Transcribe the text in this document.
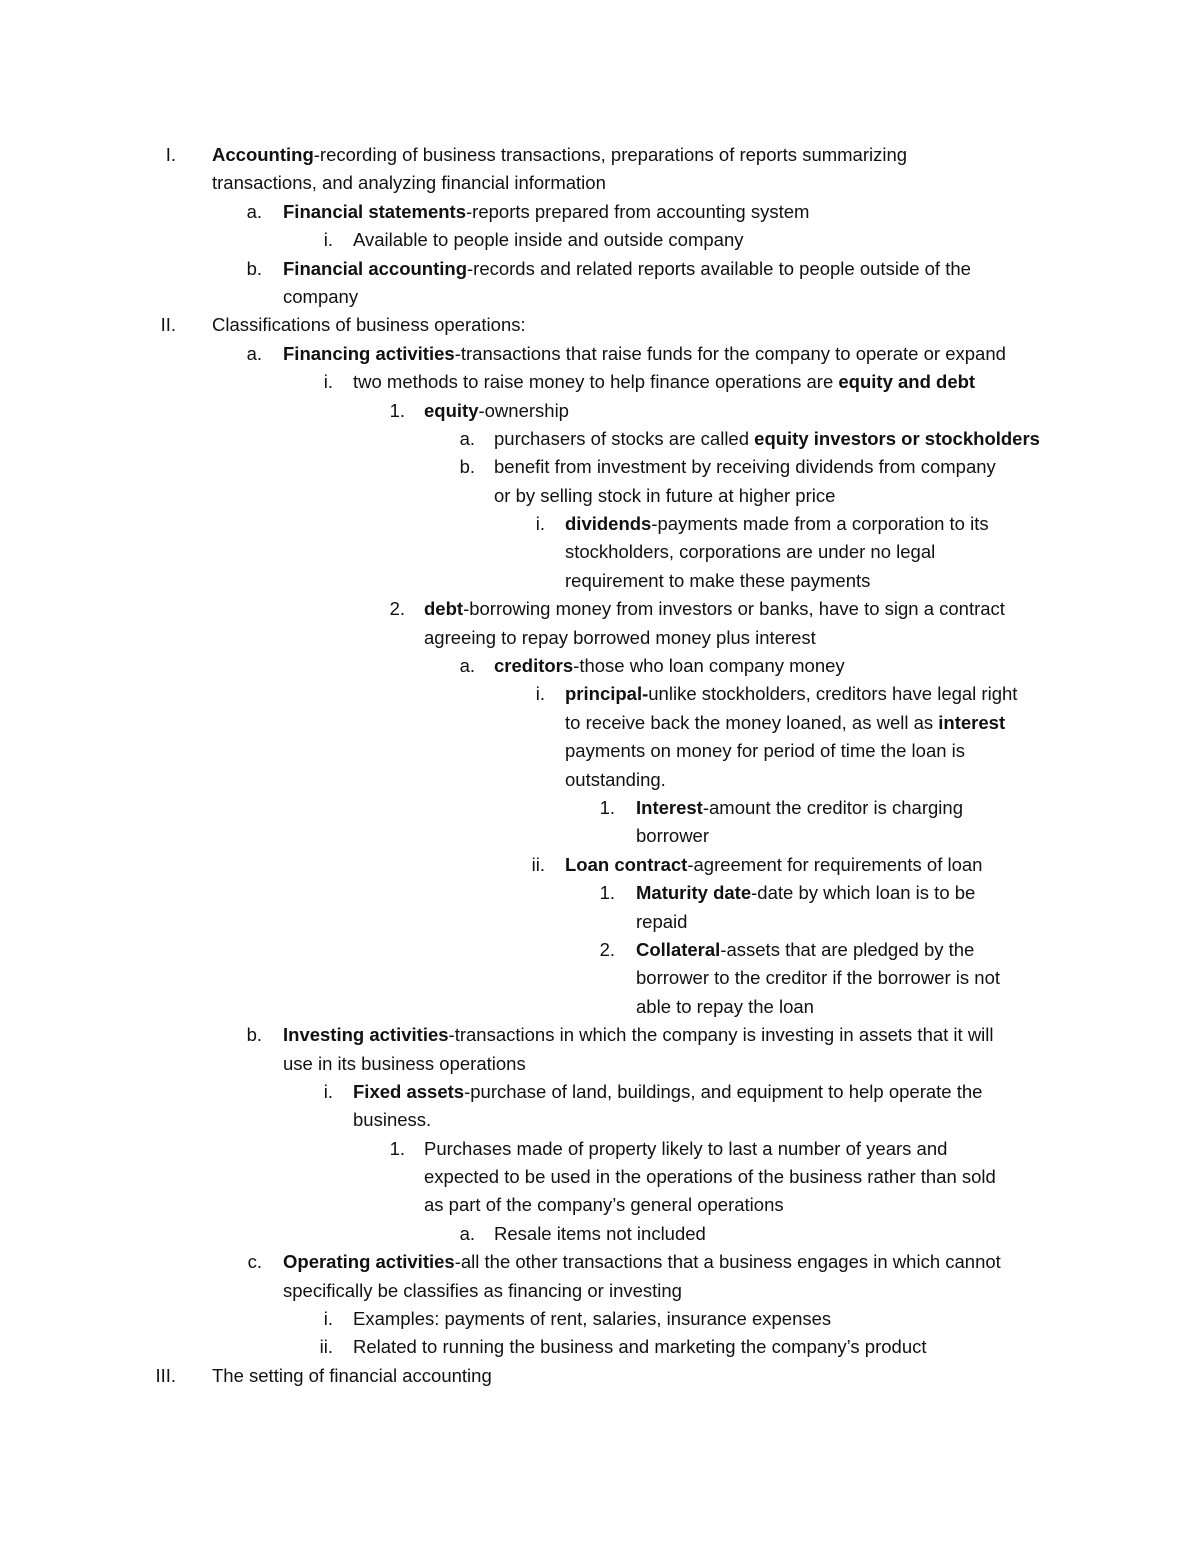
I. Accounting-recording of business transactions, preparations of reports summarizing
transactions, and analyzing financial information
a. Financial statements-reports prepared from accounting system
i. Available to people inside and outside company
b. Financial accounting-records and related reports available to people outside of the
company
II. Classifications of business operations:
a. Financing activities-transactions that raise funds for the company to operate or expand
i. two methods to raise money to help finance operations are equity and debt
1. equity-ownership
a. purchasers of stocks are called equity investors or stockholders
b. benefit from investment by receiving dividends from company
or by selling stock in future at higher price
i. dividends-payments made from a corporation to its
stockholders, corporations are under no legal
requirement to make these payments
2. debt-borrowing money from investors or banks, have to sign a contract
agreeing to repay borrowed money plus interest
a. creditors-those who loan company money
i. principal-unlike stockholders, creditors have legal right
to receive back the money loaned, as well as interest
payments on money for period of time the loan is
outstanding.
1. Interest-amount the creditor is charging
borrower
ii. Loan contract-agreement for requirements of loan
1. Maturity date-date by which loan is to be
repaid
2. Collateral-assets that are pledged by the
borrower to the creditor if the borrower is not
able to repay the loan
b. Investing activities-transactions in which the company is investing in assets that it will
use in its business operations
i. Fixed assets-purchase of land, buildings, and equipment to help operate the
business.
1. Purchases made of property likely to last a number of years and
expected to be used in the operations of the business rather than sold
as part of the company’s general operations
a. Resale items not included
c. Operating activities-all the other transactions that a business engages in which cannot
specifically be classifies as financing or investing
i. Examples: payments of rent, salaries, insurance expenses
ii. Related to running the business and marketing the company’s product
III. The setting of financial accounting
